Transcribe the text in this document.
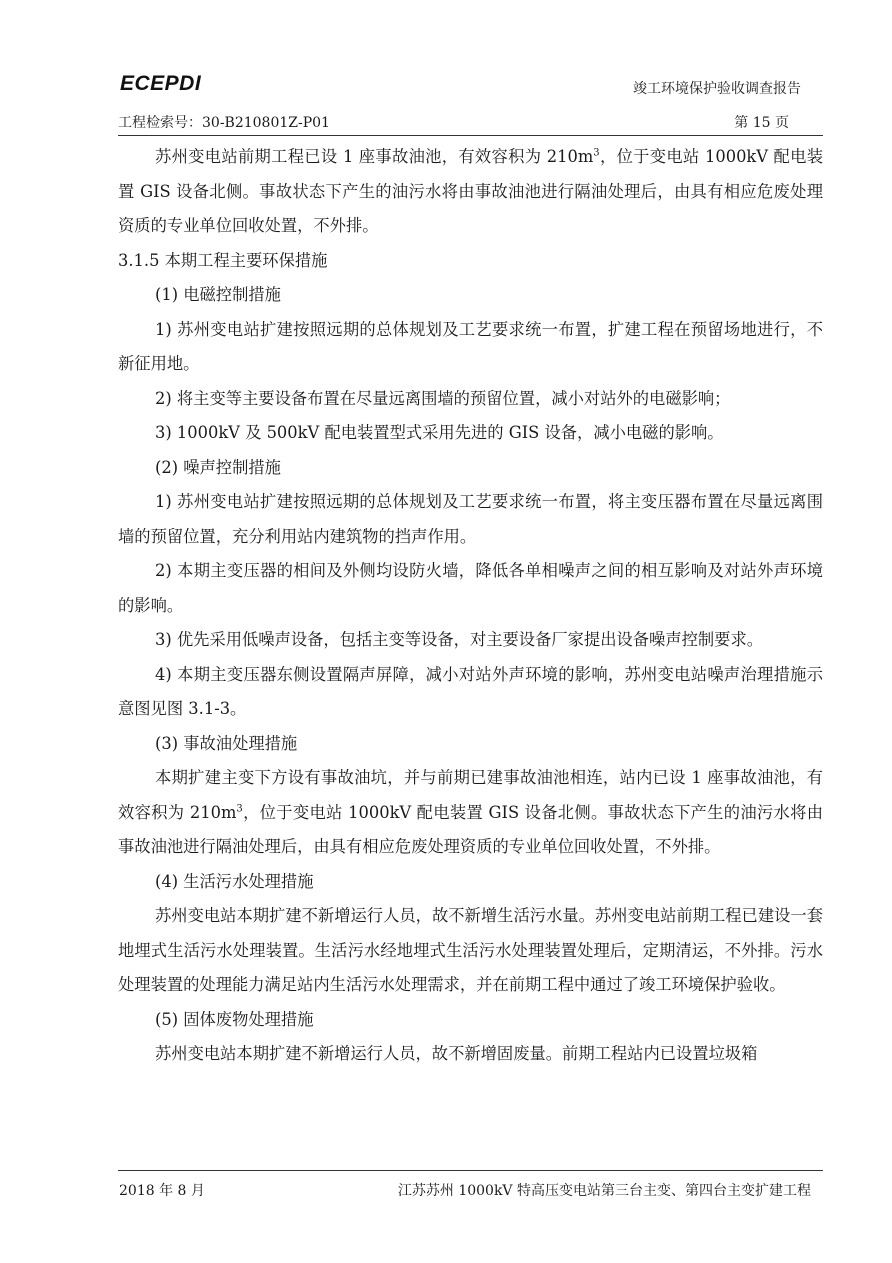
ECEPDI	竣工环境保护验收调查报告
工程检索号：30-B210801Z-P01	第 15 页

苏州变电站前期工程已设 1 座事故油池，有效容积为 $210m^3$，位于变电站 1000kV 配电装置 GIS 设备北侧。事故状态下产生的油污水将由事故油池进行隔油处理后，由具有相应危废处理资质的专业单位回收处置，不外排。

3.1.5 本期工程主要环保措施

(1) 电磁控制措施

1) 苏州变电站扩建按照远期的总体规划及工艺要求统一布置，扩建工程在预留场地进行，不新征用地。

2) 将主变等主要设备布置在尽量远离围墙的预留位置，减小对站外的电磁影响；

3) 1000kV 及 500kV 配电装置型式采用先进的 GIS 设备，减小电磁的影响。

(2) 噪声控制措施

1) 苏州变电站扩建按照远期的总体规划及工艺要求统一布置，将主变压器布置在尽量远离围墙的预留位置，充分利用站内建筑物的挡声作用。

2) 本期主变压器的相间及外侧均设防火墙，降低各单相噪声之间的相互影响及对站外声环境的影响。

3) 优先采用低噪声设备，包括主变等设备，对主要设备厂家提出设备噪声控制要求。

4) 本期主变压器东侧设置隔声屏障，减小对站外声环境的影响，苏州变电站噪声治理措施示意图见图 3.1-3。

(3) 事故油处理措施

本期扩建主变下方设有事故油坑，并与前期已建事故油池相连，站内已设 1 座事故油池，有效容积为 $210m^3$，位于变电站 1000kV 配电装置 GIS 设备北侧。事故状态下产生的油污水将由事故油池进行隔油处理后，由具有相应危废处理资质的专业单位回收处置，不外排。

(4) 生活污水处理措施

苏州变电站本期扩建不新增运行人员，故不新增生活污水量。苏州变电站前期工程已建设一套地埋式生活污水处理装置。生活污水经地埋式生活污水处理装置处理后，定期清运，不外排。污水处理装置的处理能力满足站内生活污水处理需求，并在前期工程中通过了竣工环境保护验收。

(5) 固体废物处理措施

苏州变电站本期扩建不新增运行人员，故不新增固废量。前期工程站内已设置垃圾箱

2018 年 8 月	江苏苏州 1000kV 特高压变电站第三台主变、第四台主变扩建工程
